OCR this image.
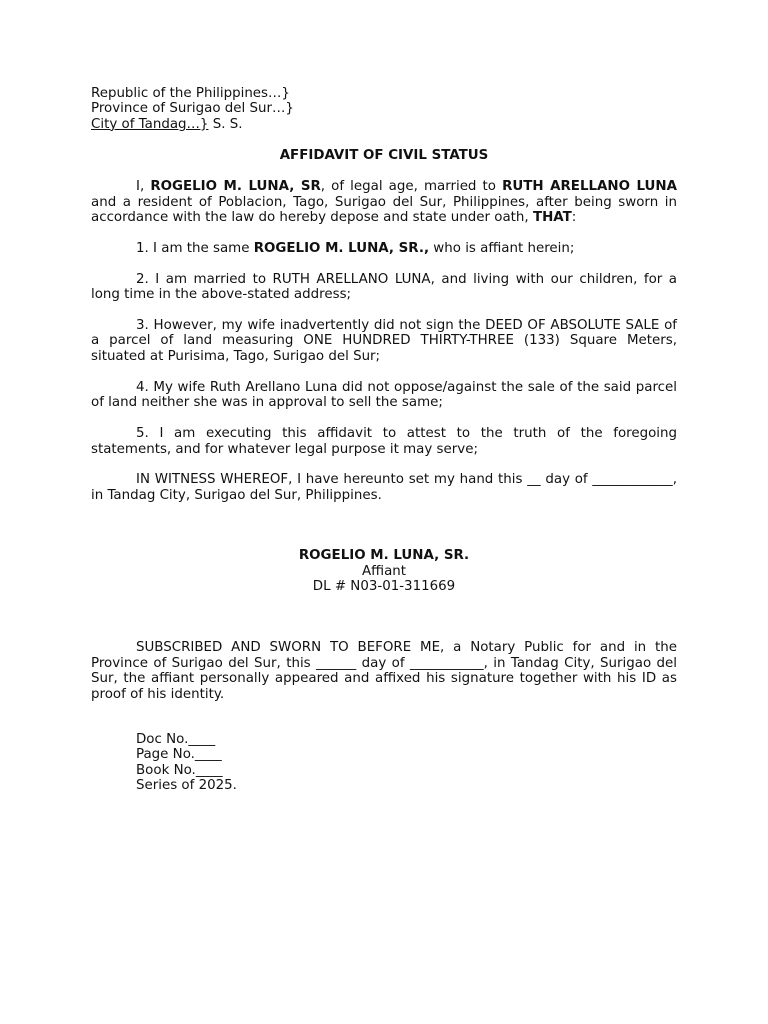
Republic of the Philippines…}
Province of Surigao del Sur…}
City of Tandag…} S. S.
AFFIDAVIT OF CIVIL STATUS

I, ROGELIO M. LUNA, SR, of legal age, married to RUTH ARELLANO LUNA and a resident of Poblacion, Tago, Surigao del Sur, Philippines, after being sworn in accordance with the law do hereby depose and state under oath, THAT:

1. I am the same ROGELIO M. LUNA, SR., who is affiant herein;

2. I am married to RUTH ARELLANO LUNA, and living with our children, for a long time in the above-stated address;

3. However, my wife inadvertently did not sign the DEED OF ABSOLUTE SALE of a parcel of land measuring ONE HUNDRED THIRTY-THREE (133) Square Meters, situated at Purisima, Tago, Surigao del Sur;

4. My wife Ruth Arellano Luna did not oppose/against the sale of the said parcel of land neither she was in approval to sell the same;

5. I am executing this affidavit to attest to the truth of the foregoing statements, and for whatever legal purpose it may serve;

IN WITNESS WHEREOF, I have hereunto set my hand this __ day of ____________, in Tandag City, Surigao del Sur, Philippines.

ROGELIO M. LUNA, SR.
Affiant
DL # N03-01-311669

SUBSCRIBED AND SWORN TO BEFORE ME, a Notary Public for and in the Province of Surigao del Sur, this ______ day of ___________, in Tandag City, Surigao del Sur, the affiant personally appeared and affixed his signature together with his ID as proof of his identity.

Doc No.____
Page No.____
Book No.____
Series of 2025.
